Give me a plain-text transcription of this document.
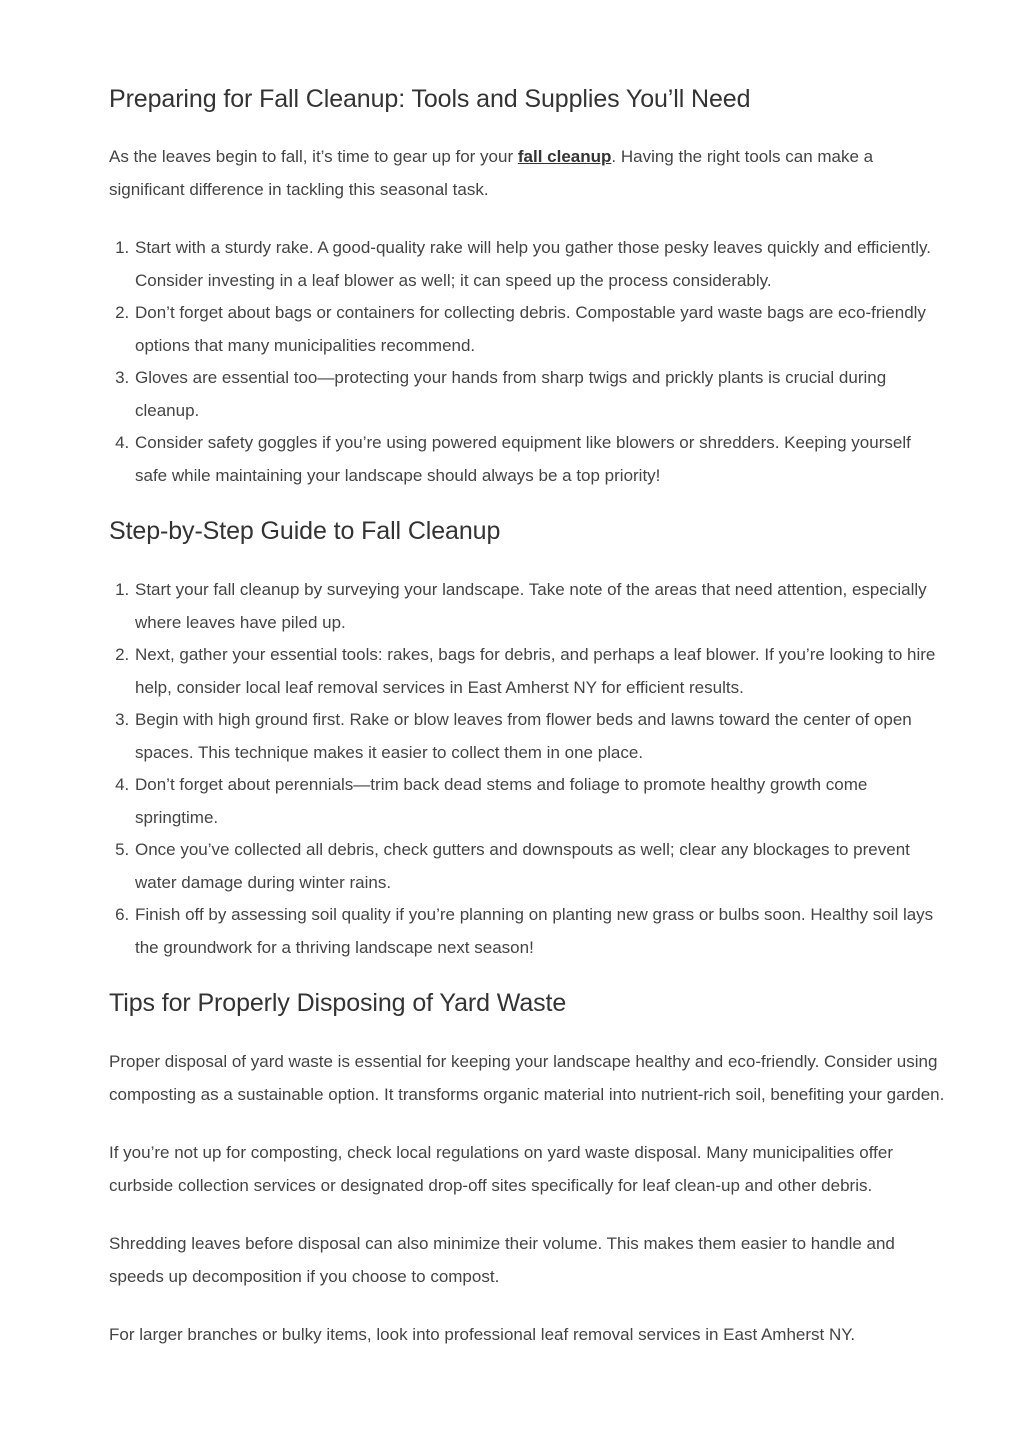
Preparing for Fall Cleanup: Tools and Supplies You’ll Need

As the leaves begin to fall, it’s time to gear up for your fall cleanup. Having the right tools can make a significant difference in tackling this seasonal task.

1. Start with a sturdy rake. A good-quality rake will help you gather those pesky leaves quickly and efficiently. Consider investing in a leaf blower as well; it can speed up the process considerably.
2. Don’t forget about bags or containers for collecting debris. Compostable yard waste bags are eco-friendly options that many municipalities recommend.
3. Gloves are essential too—protecting your hands from sharp twigs and prickly plants is crucial during cleanup.
4. Consider safety goggles if you’re using powered equipment like blowers or shredders. Keeping yourself safe while maintaining your landscape should always be a top priority!
Step-by-Step Guide to Fall Cleanup
1. Start your fall cleanup by surveying your landscape. Take note of the areas that need attention, especially where leaves have piled up.
2. Next, gather your essential tools: rakes, bags for debris, and perhaps a leaf blower. If you’re looking to hire help, consider local leaf removal services in East Amherst NY for efficient results.
3. Begin with high ground first. Rake or blow leaves from flower beds and lawns toward the center of open spaces. This technique makes it easier to collect them in one place.
4. Don’t forget about perennials—trim back dead stems and foliage to promote healthy growth come springtime.
5. Once you’ve collected all debris, check gutters and downspouts as well; clear any blockages to prevent water damage during winter rains.
6. Finish off by assessing soil quality if you’re planning on planting new grass or bulbs soon. Healthy soil lays the groundwork for a thriving landscape next season!
Tips for Properly Disposing of Yard Waste

Proper disposal of yard waste is essential for keeping your landscape healthy and eco-friendly. Consider using composting as a sustainable option. It transforms organic material into nutrient-rich soil, benefiting your garden.

If you’re not up for composting, check local regulations on yard waste disposal. Many municipalities offer curbside collection services or designated drop-off sites specifically for leaf clean-up and other debris.

Shredding leaves before disposal can also minimize their volume. This makes them easier to handle and speeds up decomposition if you choose to compost.

For larger branches or bulky items, look into professional leaf removal services in East Amherst NY.
